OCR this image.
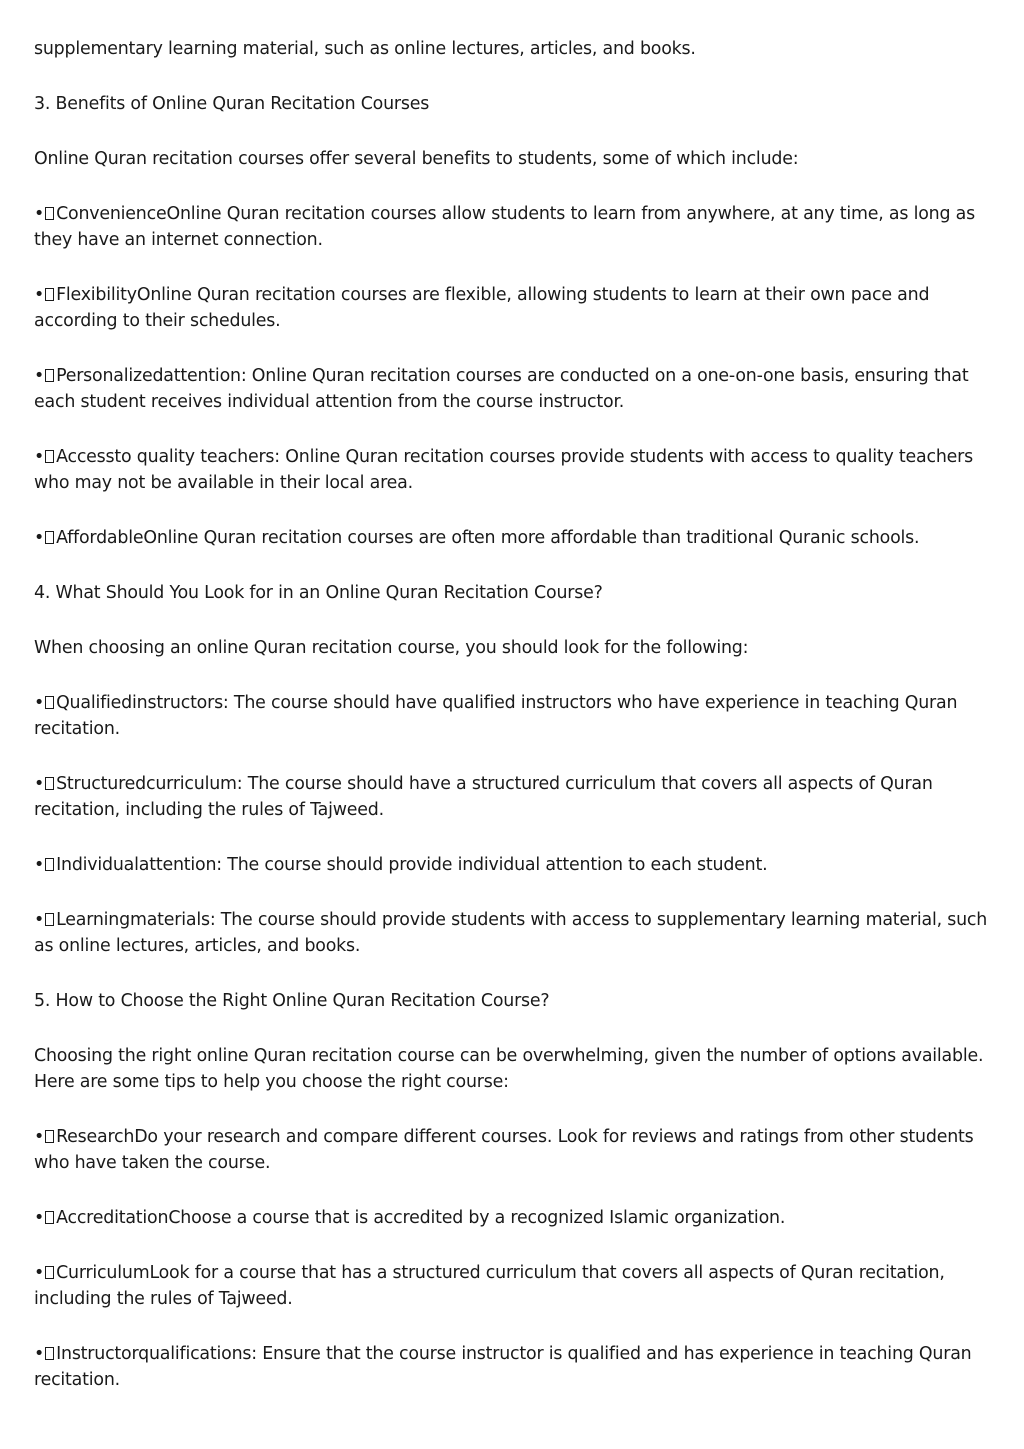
supplementary learning material, such as online lectures, articles, and books.
3. Benefits of Online Quran Recitation Courses
Online Quran recitation courses offer several benefits to students, some of which include:
• ConvenienceOnline Quran recitation courses allow students to learn from anywhere, at any time, as long as they have an internet connection.
• FlexibilityOnline Quran recitation courses are flexible, allowing students to learn at their own pace and according to their schedules.
• Personalizedattention: Online Quran recitation courses are conducted on a one-on-one basis, ensuring that each student receives individual attention from the course instructor.
• Accessto quality teachers: Online Quran recitation courses provide students with access to quality teachers who may not be available in their local area.
• AffordableOnline Quran recitation courses are often more affordable than traditional Quranic schools.
4. What Should You Look for in an Online Quran Recitation Course?
When choosing an online Quran recitation course, you should look for the following:
• Qualifiedinstructors: The course should have qualified instructors who have experience in teaching Quran recitation.
• Structuredcurriculum: The course should have a structured curriculum that covers all aspects of Quran recitation, including the rules of Tajweed.
• Individualattention: The course should provide individual attention to each student.
• Learningmaterials: The course should provide students with access to supplementary learning material, such as online lectures, articles, and books.
5. How to Choose the Right Online Quran Recitation Course?
Choosing the right online Quran recitation course can be overwhelming, given the number of options available. Here are some tips to help you choose the right course:
• ResearchDo your research and compare different courses. Look for reviews and ratings from other students who have taken the course.
• AccreditationChoose a course that is accredited by a recognized Islamic organization.
• CurriculumLook for a course that has a structured curriculum that covers all aspects of Quran recitation, including the rules of Tajweed.
• Instructorqualifications: Ensure that the course instructor is qualified and has experience in teaching Quran recitation.
